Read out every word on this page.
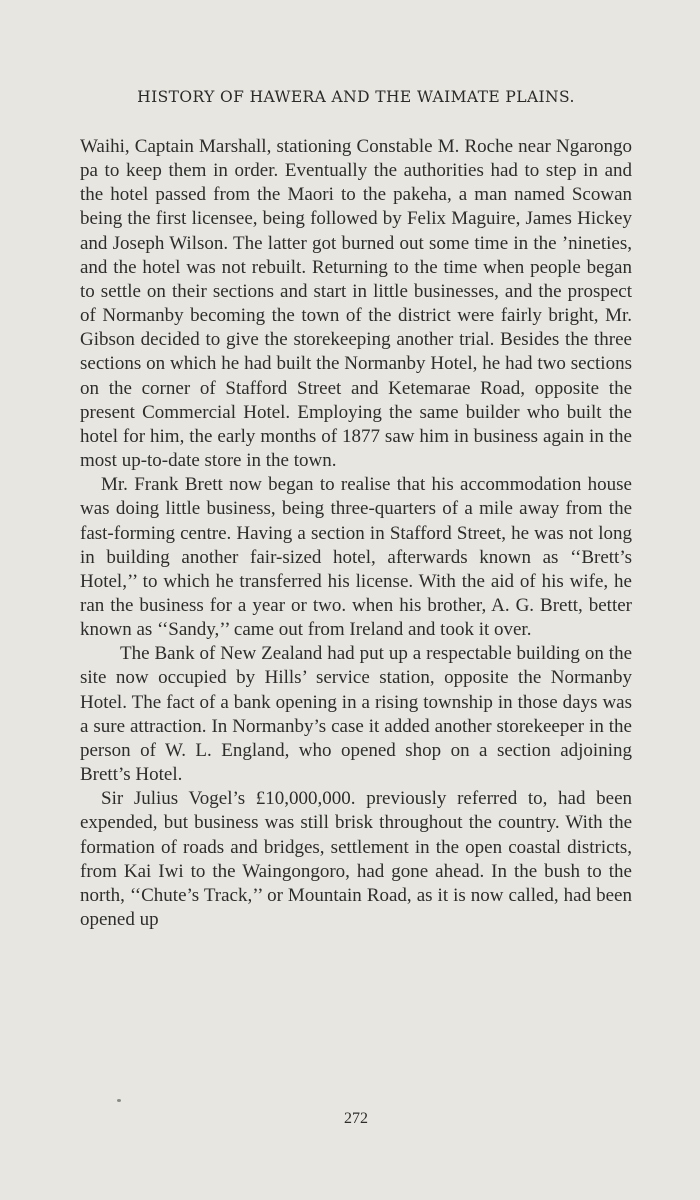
HISTORY OF HAWERA AND THE WAIMATE PLAINS.

Waihi, Captain Marshall, stationing Constable M. Roche near Ngarongo pa to keep them in order. Eventually the authorities had to step in and the hotel passed from the Maori to the pakeha, a man named Scowan being the first licensee, being followed by Felix Maguire, James Hickey and Joseph Wilson. The latter got burned out some time in the ’nineties, and the hotel was not rebuilt. Returning to the time when people began to settle on their sections and start in little businesses, and the prospect of Normanby becoming the town of the district were fairly bright, Mr. Gibson decided to give the storekeeping another trial. Besides the three sections on which he had built the Normanby Hotel, he had two sections on the corner of Stafford Street and Ketemarae Road, opposite the present Commercial Hotel. Employing the same builder who built the hotel for him, the early months of 1877 saw him in business again in the most up-to-date store in the town.

Mr. Frank Brett now began to realise that his accommodation house was doing little business, being three-quarters of a mile away from the fast-forming centre. Having a section in Stafford Street, he was not long in building another fair-sized hotel, afterwards known as ‘‘Brett’s Hotel,’’ to which he transferred his license. With the aid of his wife, he ran the business for a year or two. when his brother, A. G. Brett, better known as ‘‘Sandy,’’ came out from Ireland and took it over.

The Bank of New Zealand had put up a respectable building on the site now occupied by Hills’ service station, opposite the Normanby Hotel. The fact of a bank opening in a rising township in those days was a sure attraction. In Normanby’s case it added another storekeeper in the person of W. L. England, who opened shop on a section adjoining Brett’s Hotel.

Sir Julius Vogel’s £10,000,000. previously referred to, had been expended, but business was still brisk throughout the country. With the formation of roads and bridges, settlement in the open coastal districts, from Kai Iwi to the Waingongoro, had gone ahead. In the bush to the north, ‘‘Chute’s Track,’’ or Mountain Road, as it is now called, had been opened up

272
